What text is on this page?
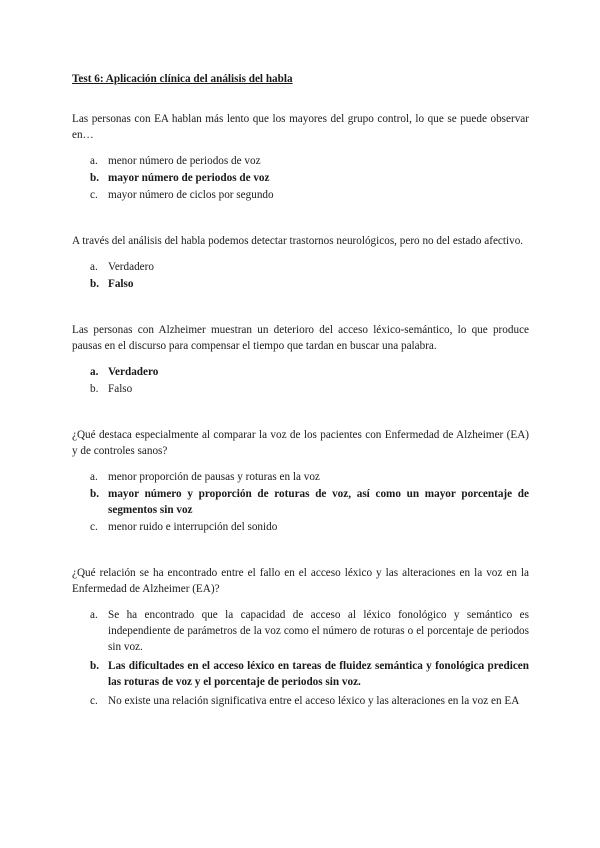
Test 6: Aplicación clínica del análisis del habla

Las personas con EA hablan más lento que los mayores del grupo control, lo que se puede observar en…

a. menor número de periodos de voz
b. mayor número de periodos de voz
c. mayor número de ciclos por segundo

A través del análisis del habla podemos detectar trastornos neurológicos, pero no del estado afectivo.

a. Verdadero
b. Falso

Las personas con Alzheimer muestran un deterioro del acceso léxico-semántico, lo que produce pausas en el discurso para compensar el tiempo que tardan en buscar una palabra.

a. Verdadero
b. Falso

¿Qué destaca especialmente al comparar la voz de los pacientes con Enfermedad de Alzheimer (EA) y de controles sanos?

a. menor proporción de pausas y roturas en la voz
b. mayor número y proporción de roturas de voz, así como un mayor porcentaje de segmentos sin voz
c. menor ruido e interrupción del sonido

¿Qué relación se ha encontrado entre el fallo en el acceso léxico y las alteraciones en la voz en la Enfermedad de Alzheimer (EA)?

a. Se ha encontrado que la capacidad de acceso al léxico fonológico y semántico es independiente de parámetros de la voz como el número de roturas o el porcentaje de periodos sin voz.
b. Las dificultades en el acceso léxico en tareas de fluidez semántica y fonológica predicen las roturas de voz y el porcentaje de periodos sin voz.
c. No existe una relación significativa entre el acceso léxico y las alteraciones en la voz en EA
